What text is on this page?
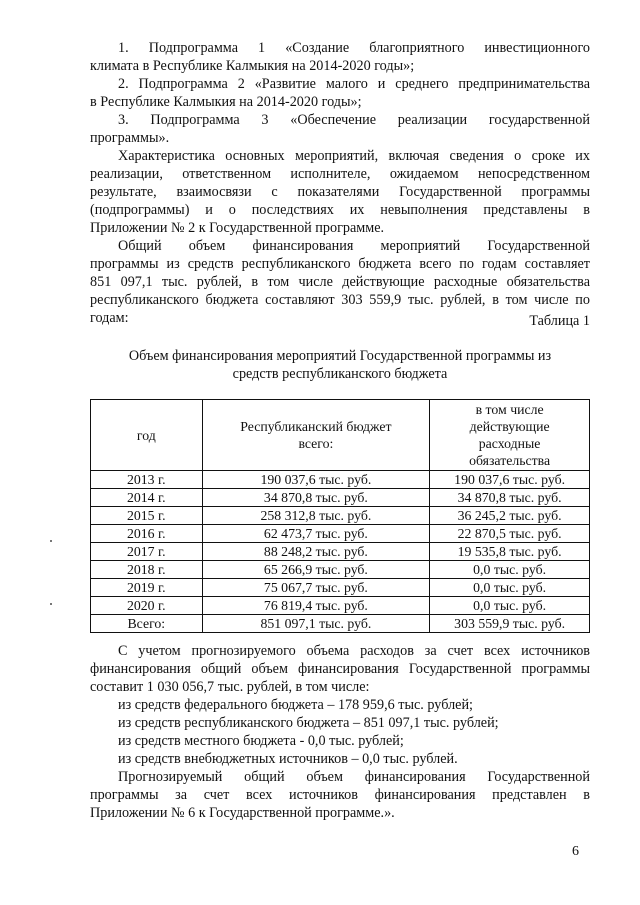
1. Подпрограмма 1 «Создание благоприятного инвестиционного
климата в Республике Калмыкия на 2014-2020 годы»;
2. Подпрограмма 2 «Развитие малого и среднего предпринимательства
в Республике Калмыкия на 2014-2020 годы»;
3. Подпрограмма 3 «Обеспечение реализации государственной
программы».
Характеристика основных мероприятий, включая сведения о сроке их
реализации, ответственном исполнителе, ожидаемом непосредственном
результате, взаимосвязи с показателями Государственной программы
(подпрограммы) и о последствиях их невыполнения представлены в
Приложении № 2 к Государственной программе.
Общий объем финансирования мероприятий Государственной
программы из средств республиканского бюджета всего по годам составляет
851 097,1 тыс. рублей, в том числе действующие расходные обязательства
республиканского бюджета составляют 303 559,9 тыс. рублей, в том числе по
годам:	Таблица 1
Объем финансирования мероприятий Государственной программы из
средств республиканского бюджета
год	Республиканский бюджет всего:	в том числе действующие расходные обязательства
2013 г.	190 037,6 тыс. руб.	190 037,6 тыс. руб.
2014 г.	34 870,8 тыс. руб.	34 870,8 тыс. руб.
2015 г.	258 312,8 тыс. руб.	36 245,2 тыс. руб.
2016 г.	62 473,7 тыс. руб.	22 870,5 тыс. руб.
2017 г.	88 248,2 тыс. руб.	19 535,8 тыс. руб.
2018 г.	65 266,9 тыс. руб.	0,0 тыс. руб.
2019 г.	75 067,7 тыс. руб.	0,0 тыс. руб.
2020 г.	76 819,4 тыс. руб.	0,0 тыс. руб.
Всего:	851 097,1 тыс. руб.	303 559,9 тыс. руб.
С учетом прогнозируемого объема расходов за счет всех источников
финансирования общий объем финансирования Государственной программы
составит 1 030 056,7 тыс. рублей, в том числе:
из средств федерального бюджета – 178 959,6 тыс. рублей;
из средств республиканского бюджета – 851 097,1 тыс. рублей;
из средств местного бюджета - 0,0 тыс. рублей;
из средств внебюджетных источников – 0,0 тыс. рублей.
Прогнозируемый общий объем финансирования Государственной
программы за счет всех источников финансирования представлен в
Приложении № 6 к Государственной программе.».
6
